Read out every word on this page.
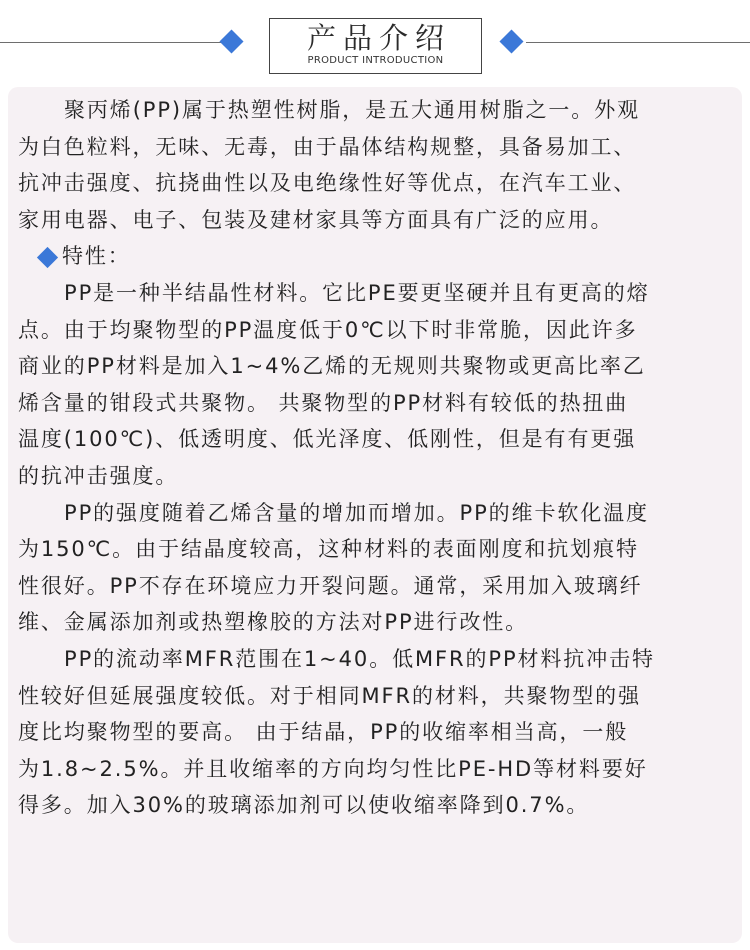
产品介绍
PRODUCT INTRODUCTION
聚丙烯(PP)属于热塑性树脂，是五大通用树脂之一。外观
为白色粒料，无味、无毒，由于晶体结构规整，具备易加工、
抗冲击强度、抗挠曲性以及电绝缘性好等优点，在汽车工业、
家用电器、电子、包装及建材家具等方面具有广泛的应用。
特性：
PP是一种半结晶性材料。它比PE要更坚硬并且有更高的熔
点。由于均聚物型的PP温度低于0℃以下时非常脆，因此许多
商业的PP材料是加入1~4%乙烯的无规则共聚物或更高比率乙
烯含量的钳段式共聚物。 共聚物型的PP材料有较低的热扭曲
温度(100℃)、低透明度、低光泽度、低刚性，但是有有更强
的抗冲击强度。
PP的强度随着乙烯含量的增加而增加。PP的维卡软化温度
为150℃。由于结晶度较高，这种材料的表面刚度和抗划痕特
性很好。PP不存在环境应力开裂问题。通常，采用加入玻璃纤
维、金属添加剂或热塑橡胶的方法对PP进行改性。
PP的流动率MFR范围在1~40。低MFR的PP材料抗冲击特
性较好但延展强度较低。对于相同MFR的材料，共聚物型的强
度比均聚物型的要高。 由于结晶，PP的收缩率相当高，一般
为1.8~2.5%。并且收缩率的方向均匀性比PE-HD等材料要好
得多。加入30%的玻璃添加剂可以使收缩率降到0.7%。
